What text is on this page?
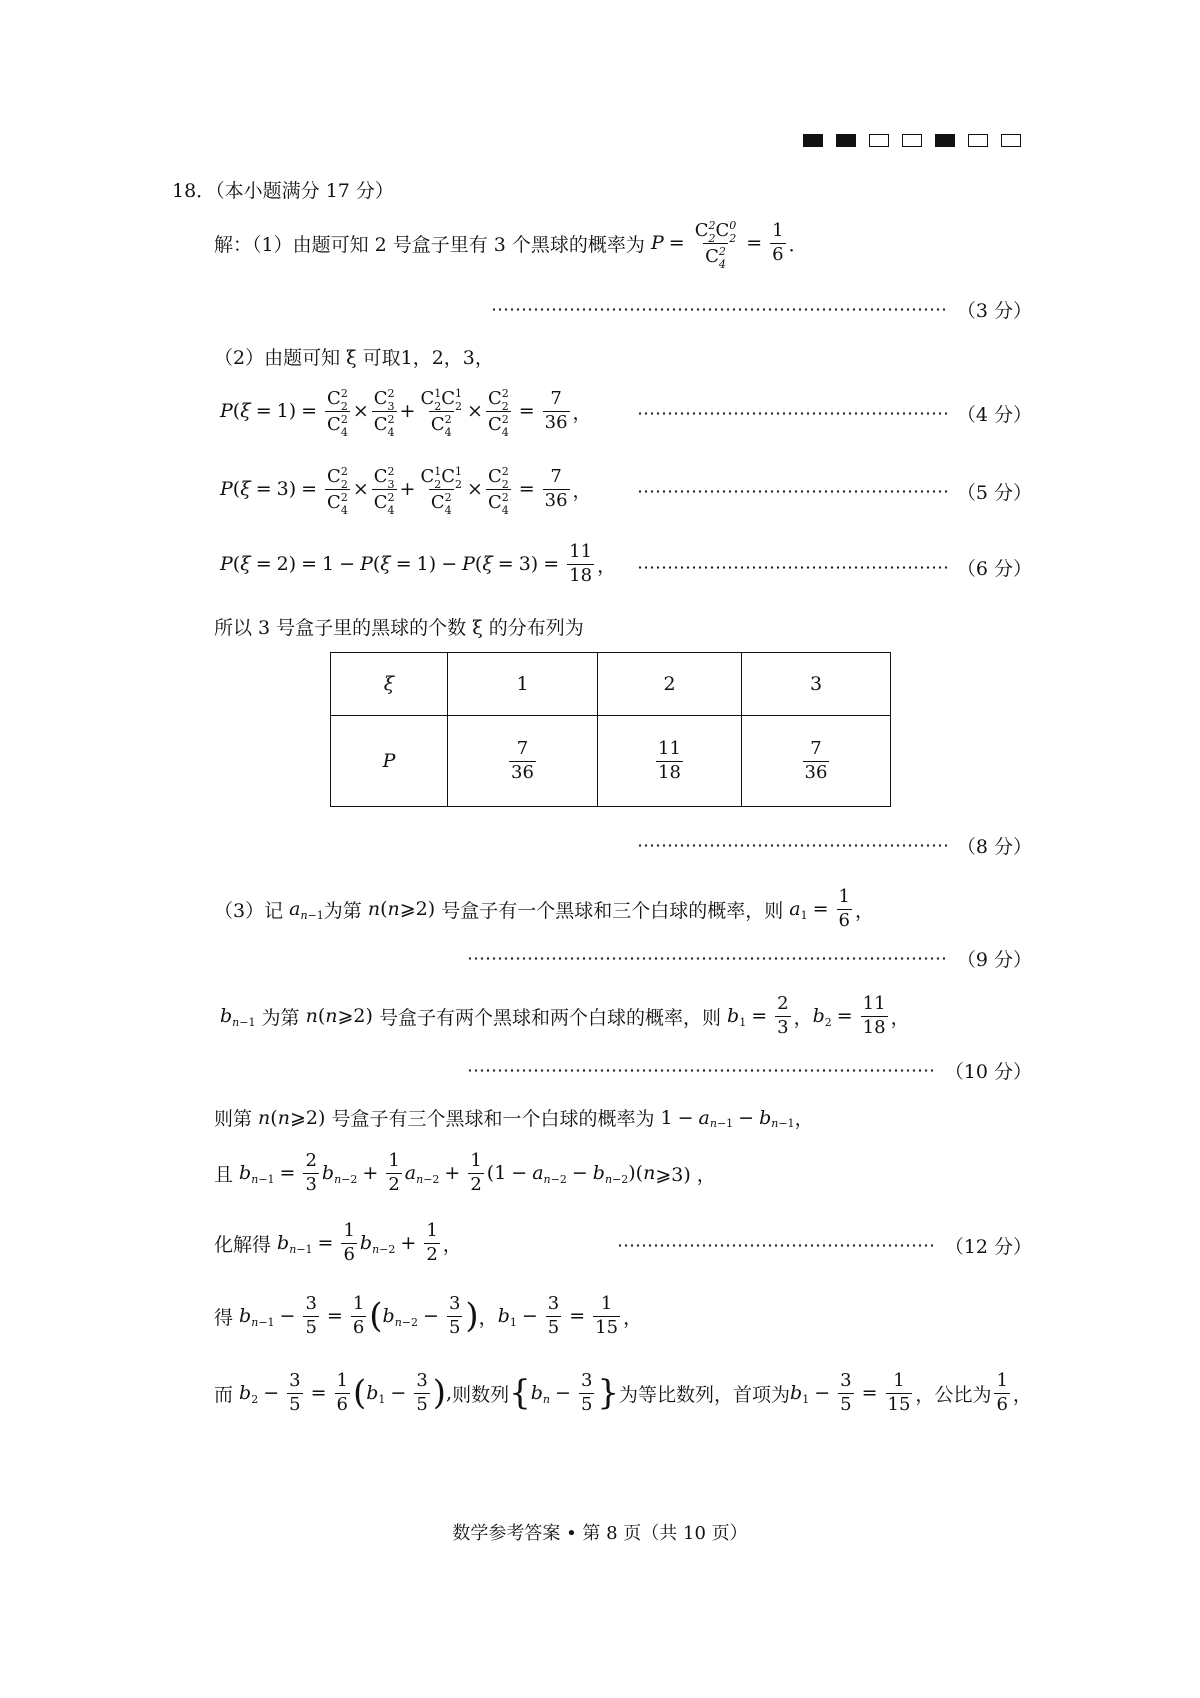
18．（本小题满分 17 分）
解：（1）由题可知 2 号盒子里有 3 个黑球的概率为 $P = \frac{C^2_2C^0_2}{C^2_4} = \frac{1}{6}$ ．
（3 分）
（2）由题可知 ξ 可取1，2，3，
P ( $\xi = 1) = \frac{C^2_2}{C^2_4} \times \frac{C^2_3}{C^2_4} + \frac{C^1_2C^1_2}{C^2_4} \times \frac{C^2_2}{C^2_4} = \frac{7}{36}$ ，	（4 分）
P ( $\xi = 3) = \frac{C^2_2}{C^2_4} \times \frac{C^2_3}{C^2_4} + \frac{C^1_2C^1_2}{C^2_4} \times \frac{C^2_2}{C^2_4} = \frac{7}{36}$ ，	（5 分）
P ( ξ = 2) = 1 − P ( ξ = 1) − P ( $\xi = 3) = \frac{11}{18}$ ，	（6 分）
所以 3 号盒子里的黑球的个数 ξ 的分布列为
ξ	1	2	3
P	$\frac{7}{36}$	$\frac{11}{18}$	$\frac{7}{36}$
（8 分）
（3）记 a n −1 为第 n ( n ⩾2) 号盒子有一个黑球和三个白球的概率，则 a $1 = \frac{1}{6}$ ，
（9 分）
b n −1
为第 n ( n ⩾2) 号盒子有两个黑球和两个白球的概率，则 b $1 = \frac{2}{3}$ ， b $2 = \frac{11}{18}$ ，
（10 分）
则第 n ( n ⩾2) 号盒子有三个黑球和一个白球的概率为 1 − a n −1 − b n −1 ，
且 b $n -1 = \frac{2}{3}$ b $n -2 + \frac{1}{2}$ a $n -2 + \frac{1}{2} (1 - a$ n −2 − b n −2 )( n ⩾3) ，
化解得 b $n -1 = \frac{1}{6}$ b $n -2 + \frac{1}{2}$ ，	（12 分）
得 b $n -1 - \frac{3}{5} = \frac{1}{6}$ ( b $n -2 - \frac{3}{5}$ ) ， b $1 - \frac{3}{5} = \frac{1}{15}$ ，
而 b $2 - \frac{3}{5} = \frac{1}{6}$ ( b $1 - \frac{3}{5}$ ) , 则数列 { b $n - \frac{3}{5}$ } 为等比数列，首项为 b $1 - \frac{3}{5} = \frac{1}{15}$ ， 公比为 $\frac{1}{6}$ ，
数学参考答案 • 第 8 页（共 10 页）
